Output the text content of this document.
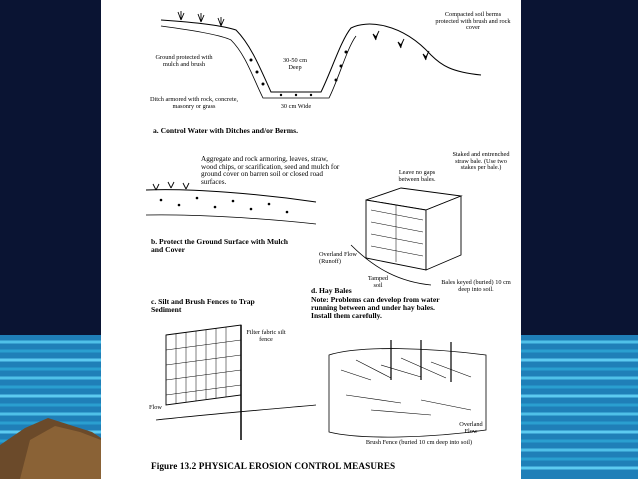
Ground protected with mulch and brush
30-50 cm Deep
Compacted soil berms protected with brush and rock cover
Ditch armored with rock, concrete, masonry or grass	30 cm Wide
a. Control Water with Ditches and/or Berms.
Aggregate and rock armoring, leaves, straw, wood chips, or scarification, seed and mulch for ground cover on barren soil or closed road surfaces.
b. Protect the Ground Surface with Mulch and Cover
Leave no gaps between bales.
Staked and entrenched straw bale. (Use two stakes per bale.)
Overland Flow (Runoff)
Tamped soil	Bales keyed (buried) 10 cm deep into soil.
d. Hay Bales
Note: Problems can develop from water running between and under hay bales. Install them carefully.
c. Silt and Brush Fences to Trap Sediment
Filter fabric silt fence
Flow
Brush Fence (buried 10 cm deep into soil)
Overland Flow
Figure 13.2 PHYSICAL EROSION CONTROL MEASURES
